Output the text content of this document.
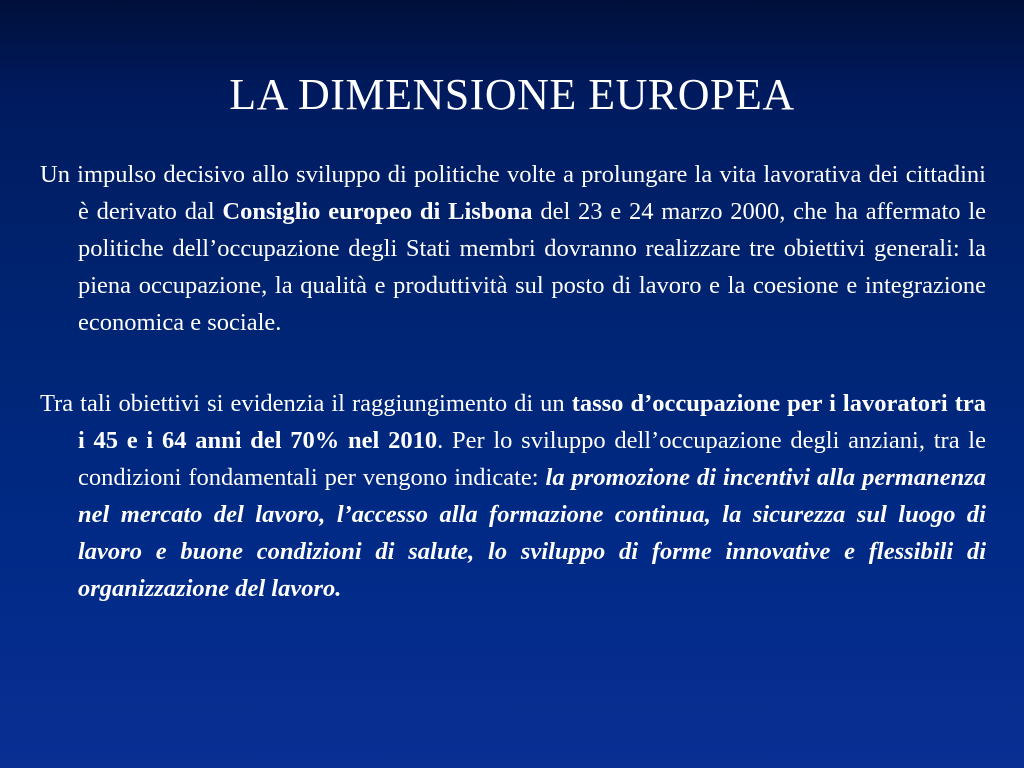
LA DIMENSIONE EUROPEA

Un impulso decisivo allo sviluppo di politiche volte a prolungare la vita lavorativa dei cittadini è derivato dal Consiglio europeo di Lisbona del 23 e 24 marzo 2000, che ha affermato le politiche dell’occupazione degli Stati membri dovranno realizzare tre obiettivi generali: la piena occupazione, la qualità e produttività sul posto di lavoro e la coesione e integrazione economica e sociale.

Tra tali obiettivi si evidenzia il raggiungimento di un tasso d’occupazione per i lavoratori tra i 45 e i 64 anni del 70% nel 2010. Per lo sviluppo dell’occupazione degli anziani, tra le condizioni fondamentali per vengono indicate: la promozione di incentivi alla permanenza nel mercato del lavoro, l’accesso alla formazione continua, la sicurezza sul luogo di lavoro e buone condizioni di salute, lo sviluppo di forme innovative e flessibili di organizzazione del lavoro.
